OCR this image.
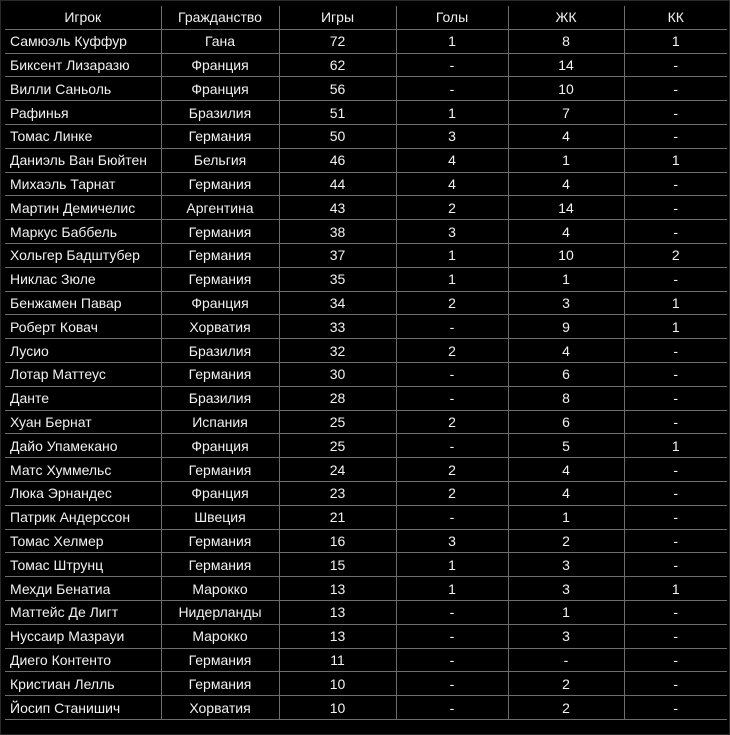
Игрок	Гражданство	Игры	Голы	ЖК	КК
Самюэль Куффур	Гана	72	1	8	1
Биксент Лизаразю	Франция	62	-	14	-
Вилли Саньоль	Франция	56	-	10	-
Рафинья	Бразилия	51	1	7	-
Томас Линке	Германия	50	3	4	-
Даниэль Ван Бюйтен	Бельгия	46	4	1	1
Михаэль Тарнат	Германия	44	4	4	-
Мартин Демичелис	Аргентина	43	2	14	-
Маркус Баббель	Германия	38	3	4	-
Хольгер Бадштубер	Германия	37	1	10	2
Никлас Зюле	Германия	35	1	1	-
Бенжамен Павар	Франция	34	2	3	1
Роберт Ковач	Хорватия	33	-	9	1
Лусио	Бразилия	32	2	4	-
Лотар Маттеус	Германия	30	-	6	-
Данте	Бразилия	28	-	8	-
Хуан Бернат	Испания	25	2	6	-
Дайо Упамекано	Франция	25	-	5	1
Матс Хуммельс	Германия	24	2	4	-
Люка Эрнандес	Франция	23	2	4	-
Патрик Андерссон	Швеция	21	-	1	-
Томас Хелмер	Германия	16	3	2	-
Томас Штрунц	Германия	15	1	3	-
Мехди Бенатиа	Марокко	13	1	3	1
Маттейс Де Лигт	Нидерланды	13	-	1	-
Нуссаир Мазрауи	Марокко	13	-	3	-
Диего Контенто	Германия	11	-	-	-
Кристиан Лелль	Германия	10	-	2	-
Йосип Станишич	Хорватия	10	-	2	-
